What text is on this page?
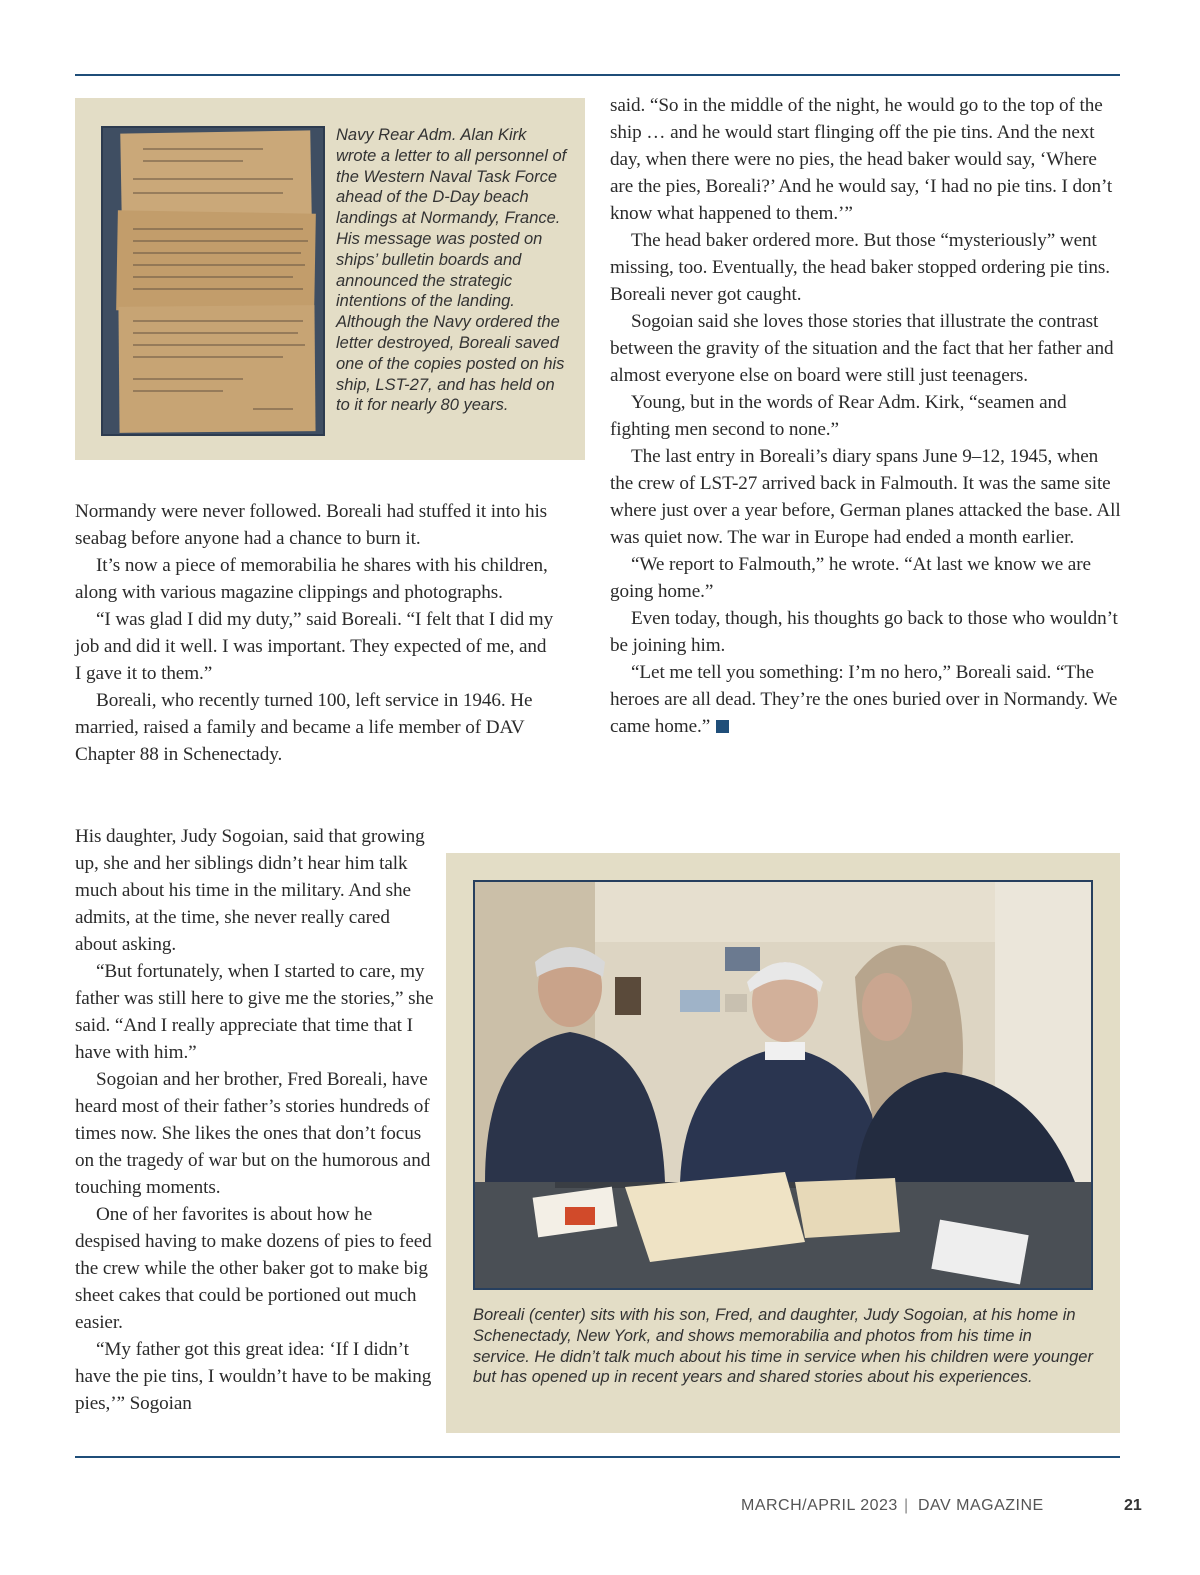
Navy Rear Adm. Alan Kirk wrote a letter to all personnel of the Western Naval Task Force ahead of the D-Day beach landings at Normandy, France. His message was posted on ships’ bulletin boards and announced the strategic intentions of the landing. Although the Navy ordered the letter destroyed, Boreali saved one of the copies posted on his ship, LST-27, and has held on to it for nearly 80 years.

Normandy were never followed. Boreali had stuffed it into his seabag before anyone had a chance to burn it.

It’s now a piece of memorabilia he shares with his children, along with various magazine clippings and photographs.

“I was glad I did my duty,” said Boreali. “I felt that I did my job and did it well. I was important. They expected of me, and I gave it to them.”

Boreali, who recently turned 100, left service in 1946. He married, raised a family and became a life member of DAV Chapter 88 in Schenectady.

His daughter, Judy Sogoian, said that growing up, she and her siblings didn’t hear him talk much about his time in the military. And she admits, at the time, she never really cared about asking.

“But fortunately, when I started to care, my father was still here to give me the stories,” she said. “And I really appreciate that time that I have with him.”

Sogoian and her brother, Fred Boreali, have heard most of their father’s stories hundreds of times now. She likes the ones that don’t focus on the tragedy of war but on the humorous and touching moments.

One of her favorites is about how he despised having to make dozens of pies to feed the crew while the other baker got to make big sheet cakes that could be portioned out much easier.

“My father got this great idea: ‘If I didn’t have the pie tins, I wouldn’t have to be making pies,’” Sogoian

said. “So in the middle of the night, he would go to the top of the ship … and he would start flinging off the pie tins. And the next day, when there were no pies, the head baker would say, ‘Where are the pies, Boreali?’ And he would say, ‘I had no pie tins. I don’t know what happened to them.’”

The head baker ordered more. But those “mysteriously” went missing, too. Eventually, the head baker stopped ordering pie tins. Boreali never got caught.

Sogoian said she loves those stories that illustrate the contrast between the gravity of the situation and the fact that her father and almost everyone else on board were still just teenagers.

Young, but in the words of Rear Adm. Kirk, “seamen and fighting men second to none.”

The last entry in Boreali’s diary spans June 9–12, 1945, when the crew of LST-27 arrived back in Falmouth. It was the same site where just over a year before, German planes attacked the base. All was quiet now. The war in Europe had ended a month earlier.

“We report to Falmouth,” he wrote. “At last we know we are going home.”

Even today, though, his thoughts go back to those who wouldn’t be joining him.

“Let me tell you something: I’m no hero,” Boreali said. “The heroes are all dead. They’re the ones buried over in Normandy. We came home.”

Boreali (center) sits with his son, Fred, and daughter, Judy Sogoian, at his home in Schenectady, New York, and shows memorabilia and photos from his time in service. He didn’t talk much about his time in service when his children were younger but has opened up in recent years and shared stories about his experiences.
MARCH/APRIL 2023 | DAV MAGAZINE	21
